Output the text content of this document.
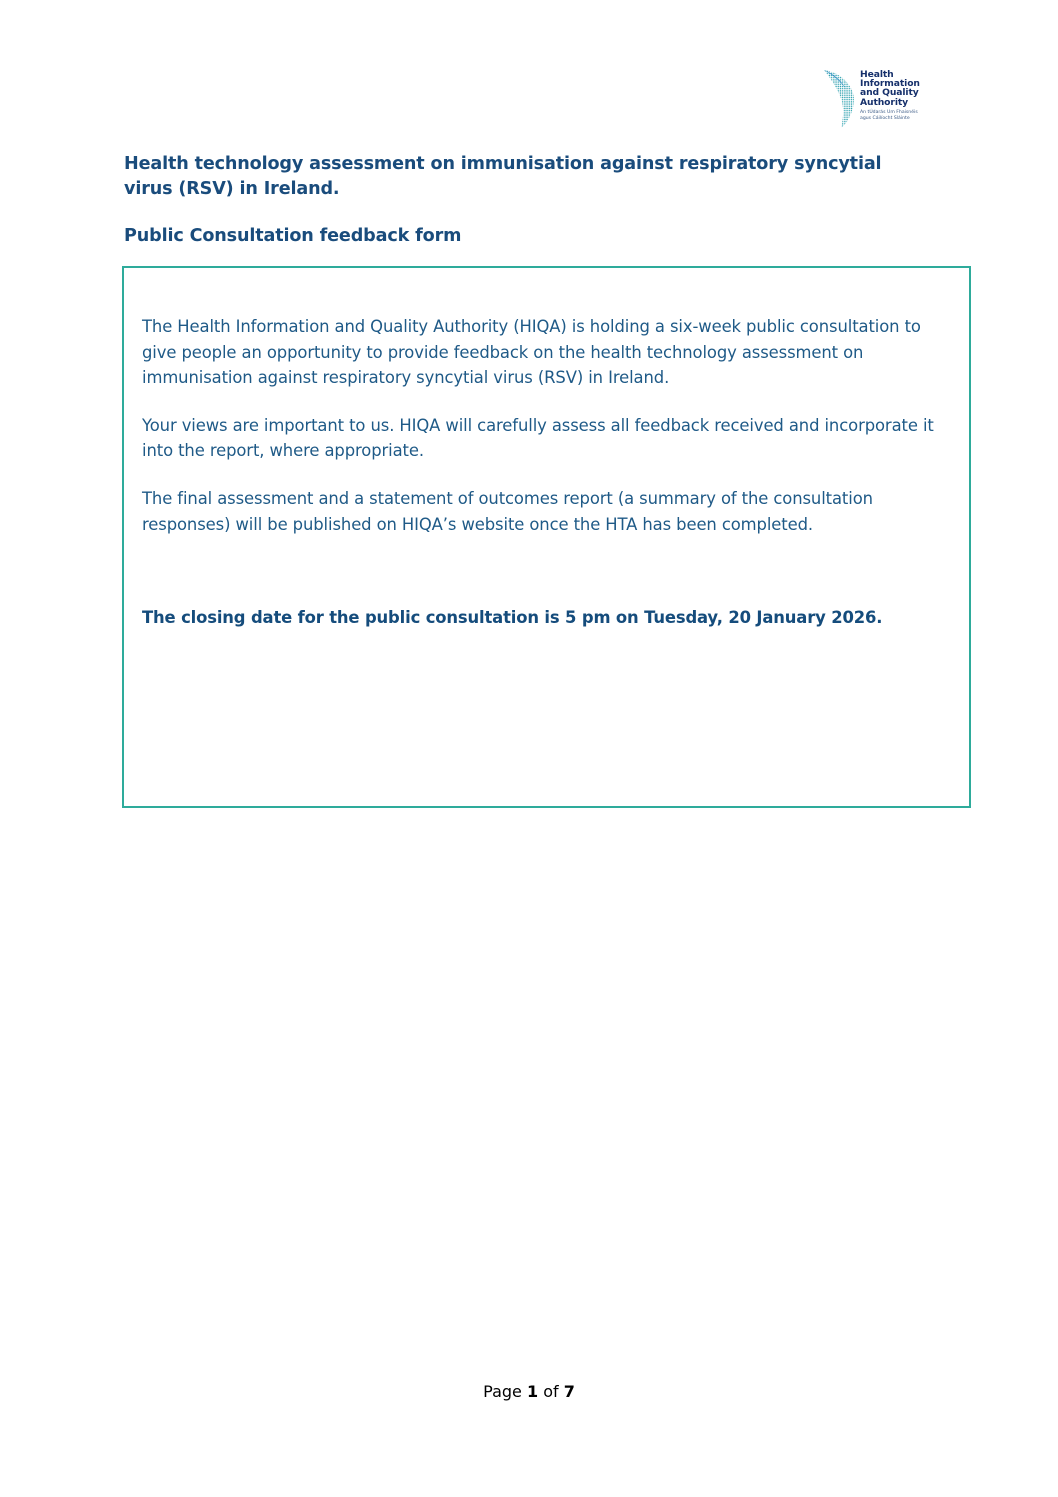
Health
Information
and Quality
Authority
An tÚdarás Um Fhaisnéis
agus Cáilíocht Sláinte
Health technology assessment on immunisation against respiratory syncytial virus (RSV) in Ireland.
Public Consultation feedback form

The Health Information and Quality Authority (HIQA) is holding a six-week public consultation to give people an opportunity to provide feedback on the health technology assessment on immunisation against respiratory syncytial virus (RSV) in Ireland.

Your views are important to us. HIQA will carefully assess all feedback received and incorporate it into the report, where appropriate.

The final assessment and a statement of outcomes report (a summary of the consultation responses) will be published on HIQA’s website once the HTA has been completed.

The closing date for the public consultation is 5 pm on Tuesday, 20 January 2026.

Page 1 of 7
